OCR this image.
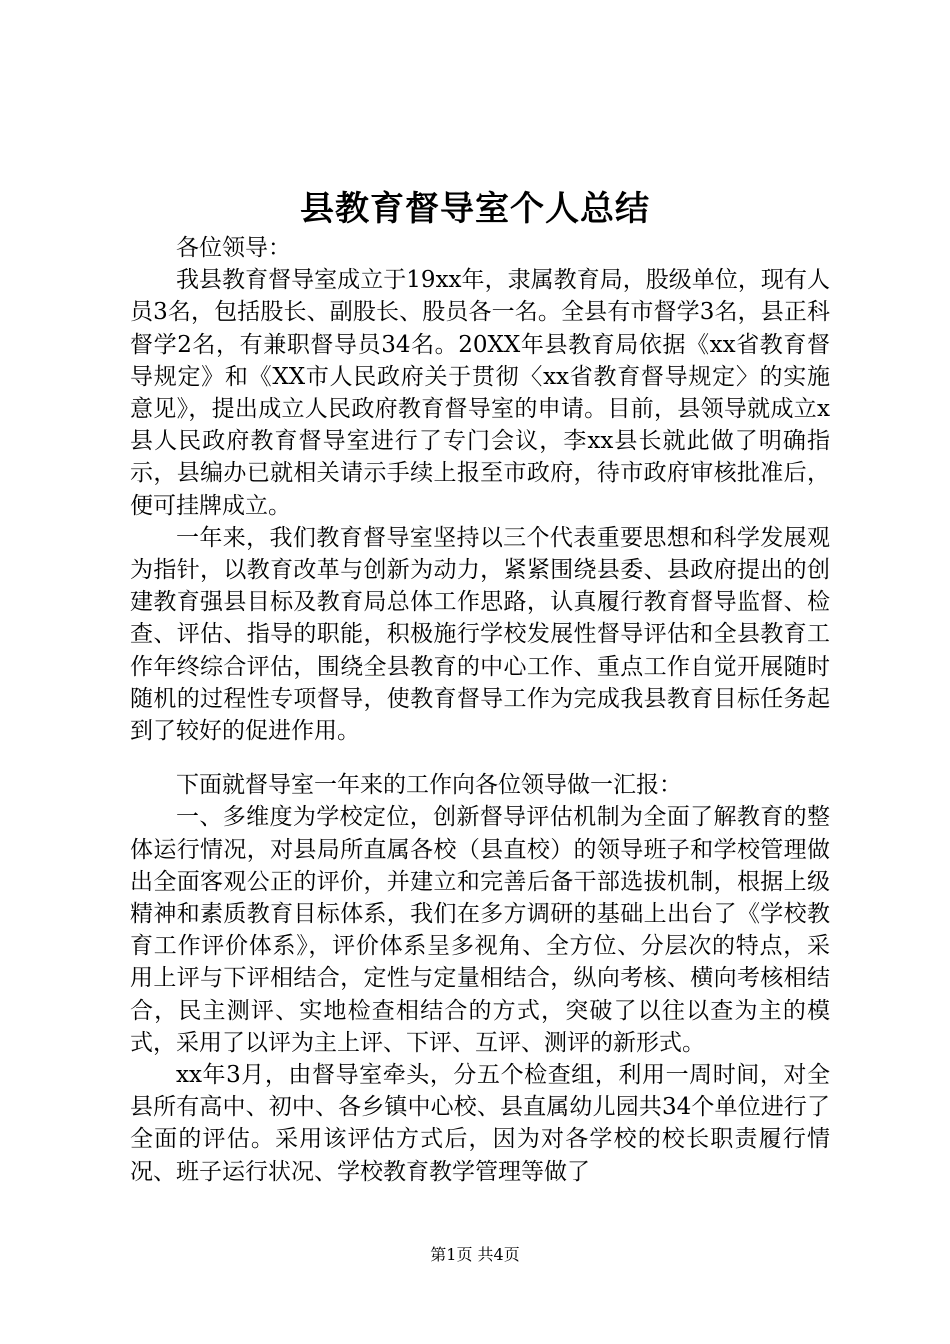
县教育督导室个人总结

各位领导：

我县教育督导室成立于19xx年，隶属教育局，股级单位，现有人员3名，包括股长、副股长、股员各一名。全县有市督学3名，县正科督学2名，有兼职督导员34名。20XX年县教育局依据《xx省教育督导规定》和《XX市人民政府关于贯彻〈xx省教育督导规定〉的实施意见》，提出成立人民政府教育督导室的申请。目前，县领导就成立x县人民政府教育督导室进行了专门会议，李xx县长就此做了明确指示，县编办已就相关请示手续上报至市政府，待市政府审核批准后，便可挂牌成立。

一年来，我们教育督导室坚持以三个代表重要思想和科学发展观为指针，以教育改革与创新为动力，紧紧围绕县委、县政府提出的创建教育强县目标及教育局总体工作思路，认真履行教育督导监督、检查、评估、指导的职能，积极施行学校发展性督导评估和全县教育工作年终综合评估，围绕全县教育的中心工作、重点工作自觉开展随时随机的过程性专项督导，使教育督导工作为完成我县教育目标任务起到了较好的促进作用。

下面就督导室一年来的工作向各位领导做一汇报：

一、多维度为学校定位，创新督导评估机制为全面了解教育的整体运行情况，对县局所直属各校（县直校）的领导班子和学校管理做出全面客观公正的评价，并建立和完善后备干部选拔机制，根据上级精神和素质教育目标体系，我们在多方调研的基础上出台了《学校教育工作评价体系》，评价体系呈多视角、全方位、分层次的特点，采用上评与下评相结合，定性与定量相结合，纵向考核、横向考核相结合，民主测评、实地检查相结合的方式，突破了以往以查为主的模式，采用了以评为主上评、下评、互评、测评的新形式。

xx年3月，由督导室牵头，分五个检查组，利用一周时间，对全县所有高中、初中、各乡镇中心校、县直属幼儿园共34个单位进行了全面的评估。采用该评估方式后，因为对各学校的校长职责履行情况、班子运行状况、学校教育教学管理等做了

第1页 共4页
